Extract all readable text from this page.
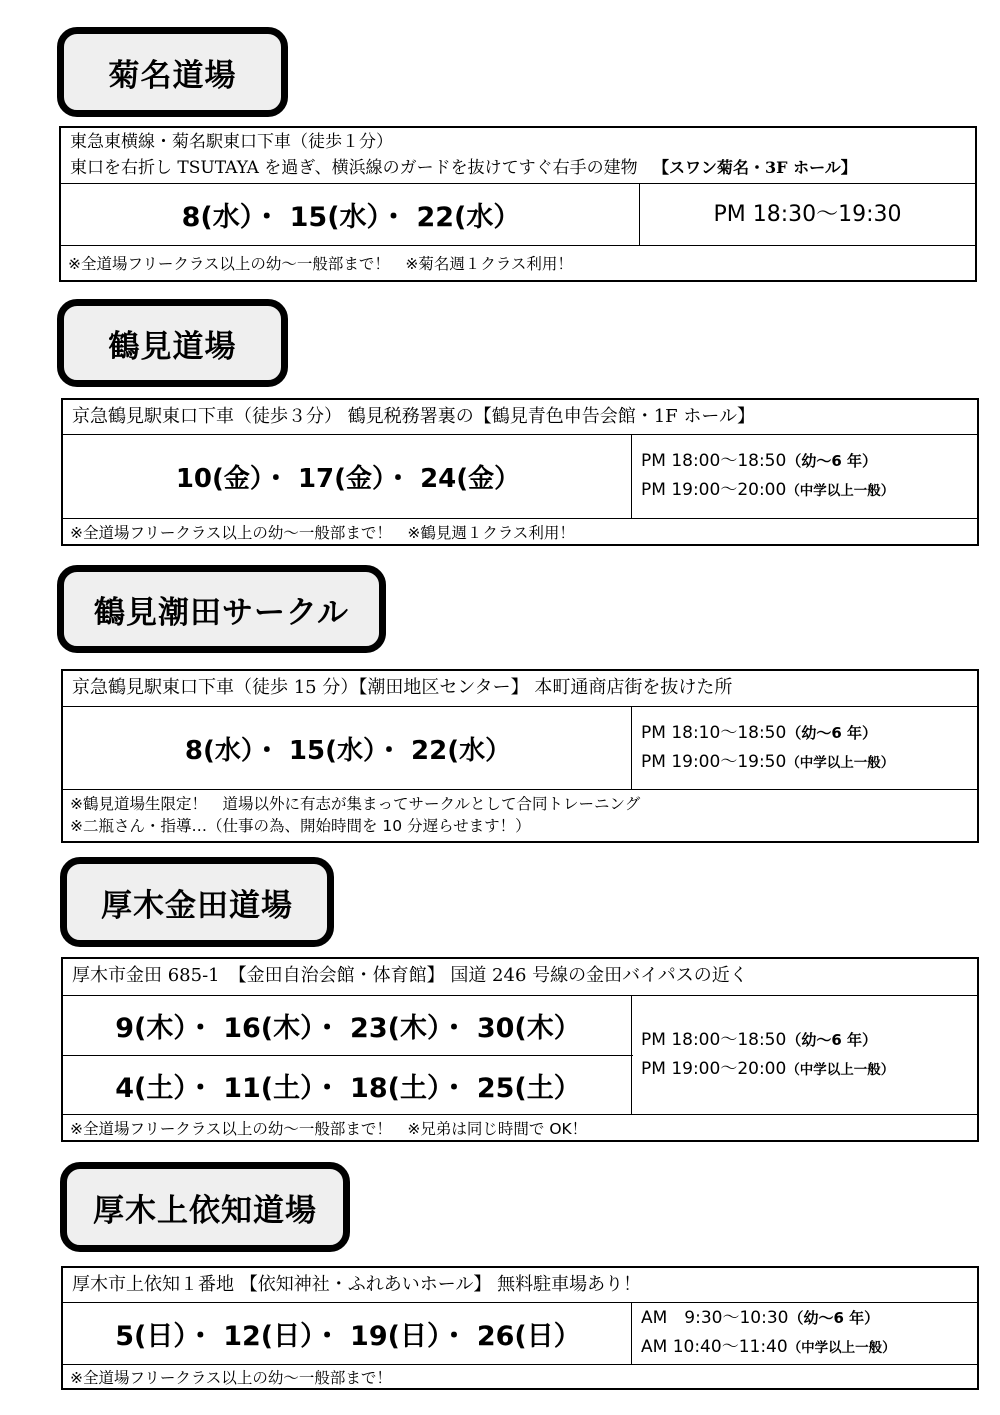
菊名道場
東急東横線・菊名駅東口下車（徒歩１分）
東口を右折し TSUTAYA を過ぎ、横浜線のガードを抜けてすぐ右手の建物 【スワン菊名・3F ホール】
8(水）・ 15(水）・ 22(水）	PM 18:30〜19:30
※全道場フリークラス以上の幼〜一般部まで！　※菊名週１クラス利用！
鶴見道場
京急鶴見駅東口下車（徒歩３分） 鶴見税務署裏の【鶴見青色申告会館・1F ホール】
10(金）・ 17(金）・ 24(金）
PM 18:00〜18:50（幼〜6 年）
PM 19:00〜20:00（中学以上一般）
※全道場フリークラス以上の幼〜一般部まで！　※鶴見週１クラス利用！
鶴見潮田サークル
京急鶴見駅東口下車（徒歩 15 分）【潮田地区センター】 本町通商店街を抜けた所
8(水）・ 15(水）・ 22(水）
PM 18:10〜18:50（幼〜6 年）
PM 19:00〜19:50（中学以上一般）
※鶴見道場生限定！　道場以外に有志が集まってサークルとして合同トレーニング
※二瓶さん・指導…（仕事の為、開始時間を 10 分遅らせます！）
厚木金田道場
厚木市金田 685-1　【金田自治会館・体育館】 国道 246 号線の金田バイパスの近く
9(木）・ 16(木）・ 23(木）・ 30(木）
4(土）・ 11(土）・ 18(土）・ 25(土）
PM 18:00〜18:50（幼〜6 年）
PM 19:00〜20:00（中学以上一般）
※全道場フリークラス以上の幼〜一般部まで！　※兄弟は同じ時間で OK！
厚木上依知道場
厚木市上依知１番地 【依知神社・ふれあいホール】 無料駐車場あり！
5(日）・ 12(日）・ 19(日）・ 26(日）
AM　9:30〜10:30（幼〜6 年）
AM 10:40〜11:40（中学以上一般）
※全道場フリークラス以上の幼〜一般部まで！
